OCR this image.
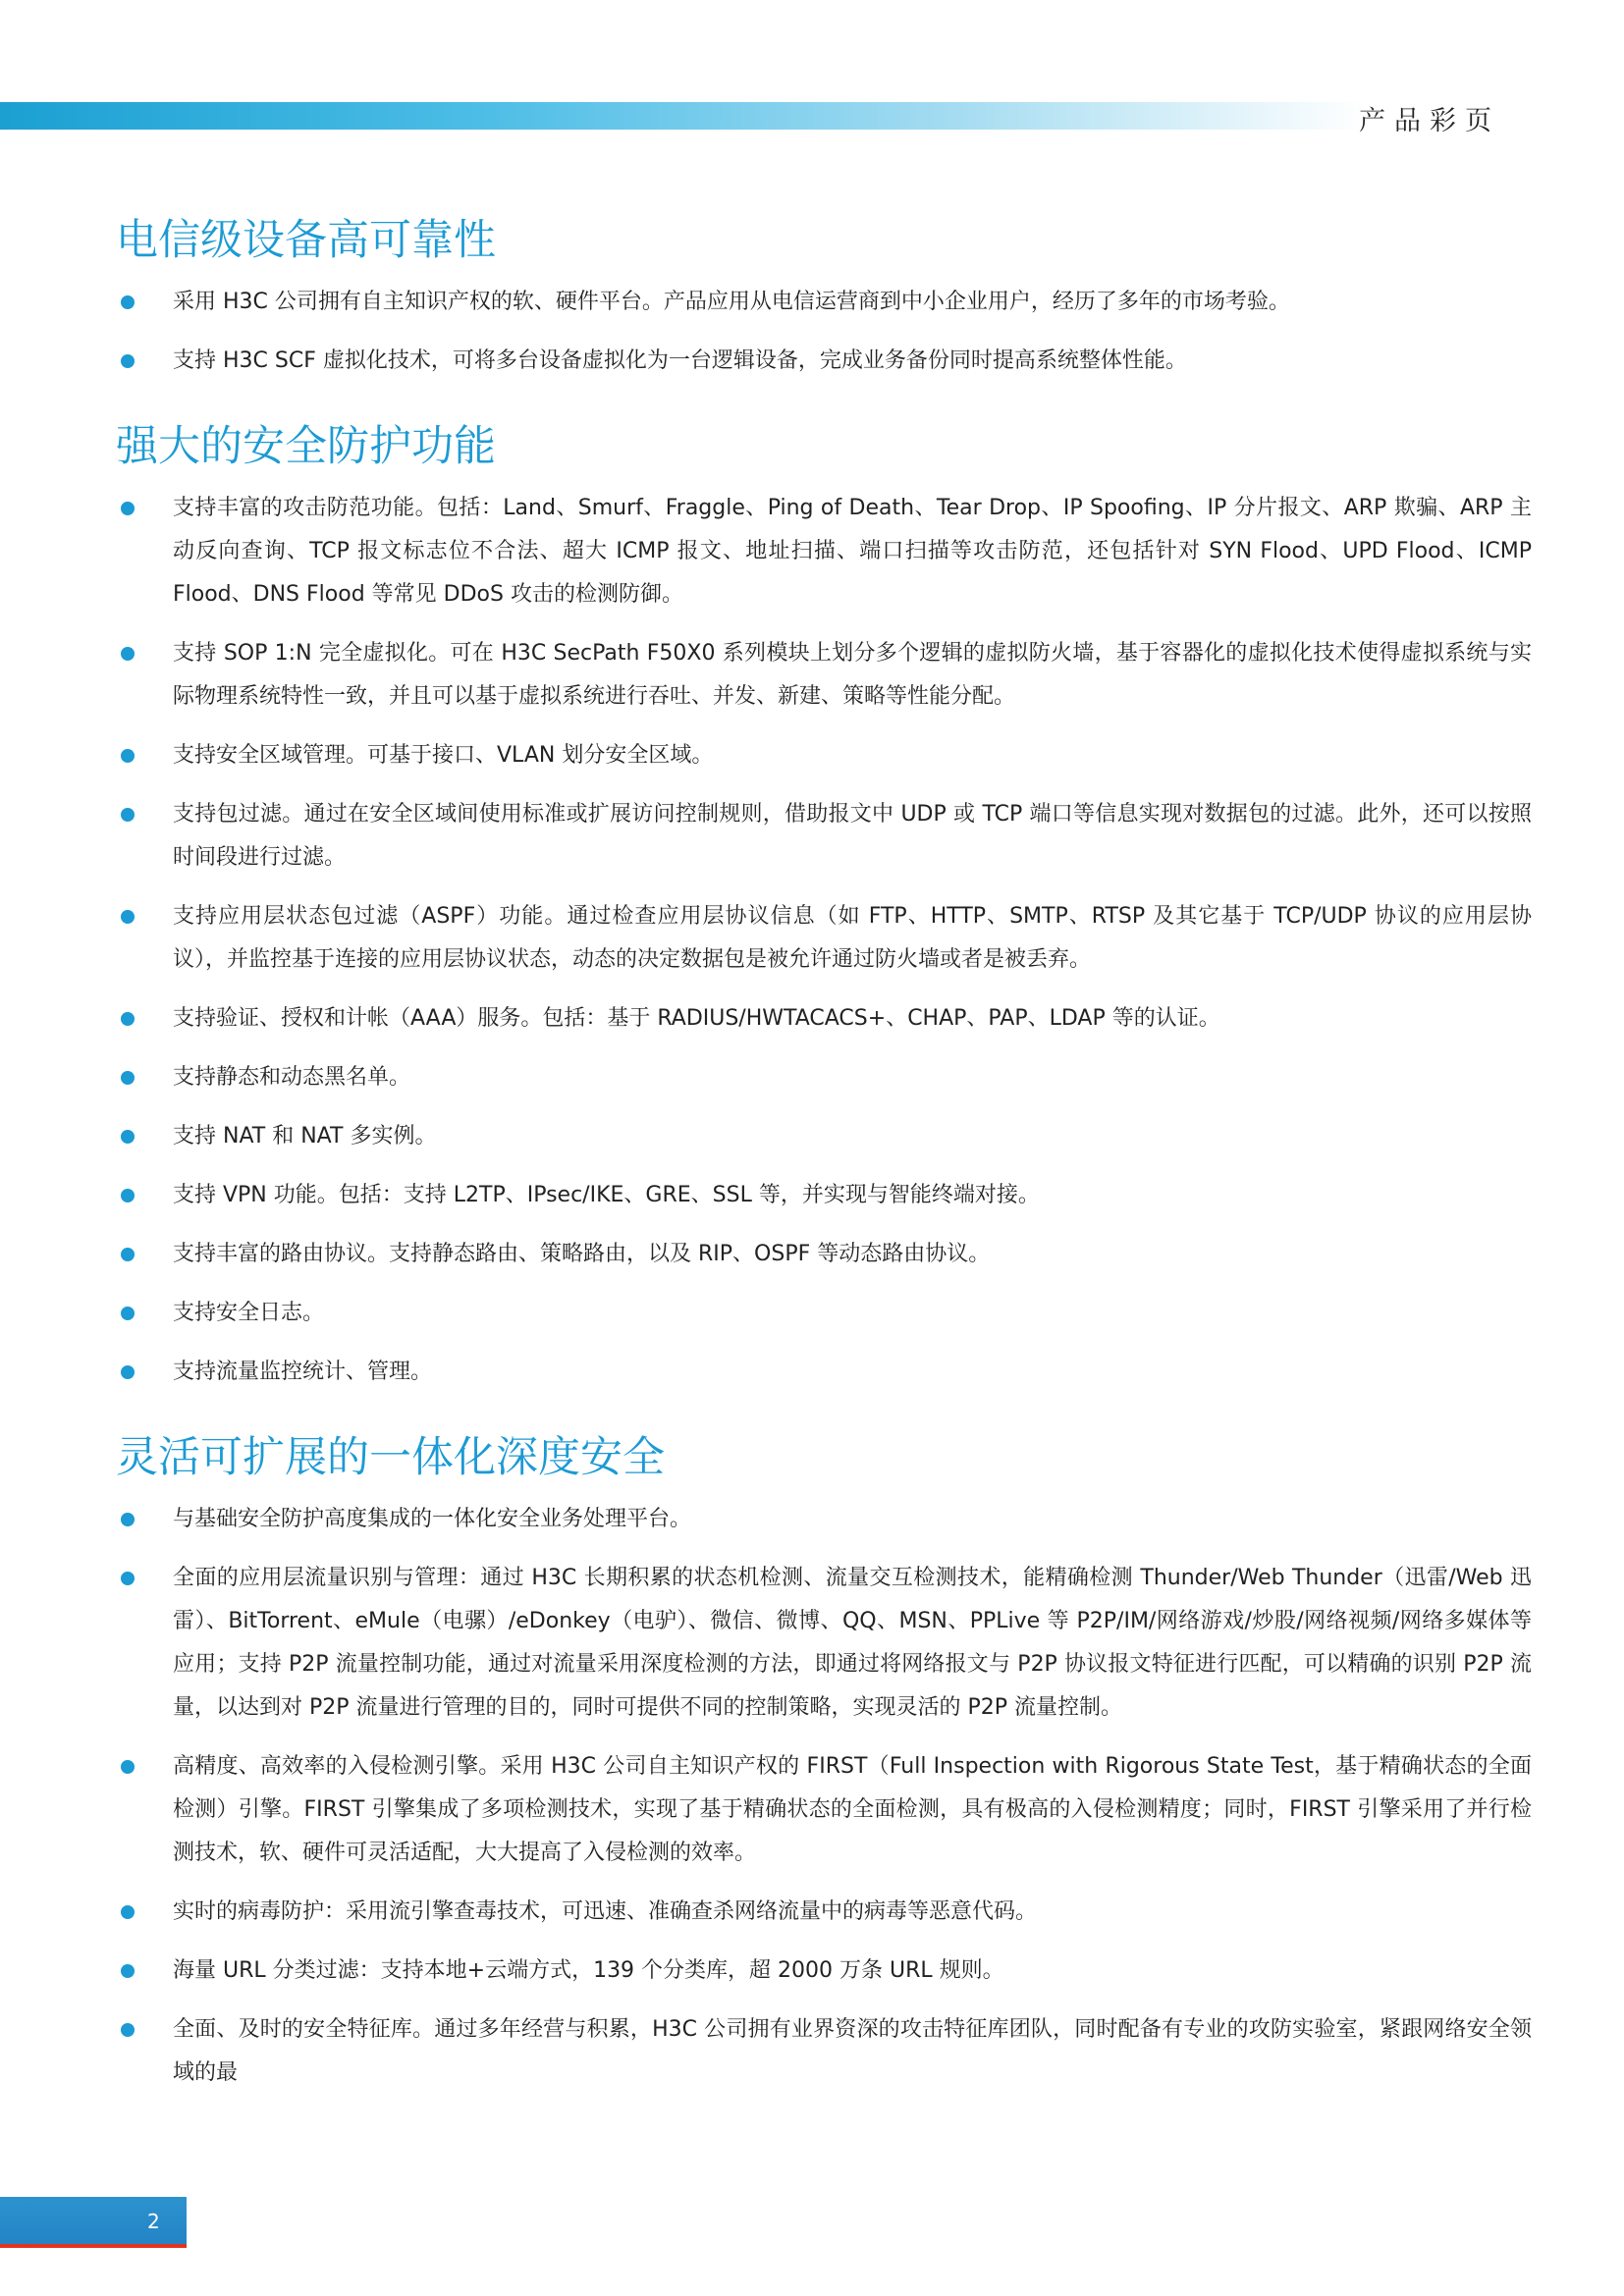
产品彩页
电信级设备高可靠性
采用 H3C 公司拥有自主知识产权的软、硬件平台。产品应用从电信运营商到中小企业用户，经历了多年的市场考验。
支持 H3C SCF 虚拟化技术，可将多台设备虚拟化为一台逻辑设备，完成业务备份同时提高系统整体性能。
强大的安全防护功能
支持丰富的攻击防范功能。包括：Land、Smurf、Fraggle、Ping of Death、Tear Drop、IP Spoofing、IP 分片报文、ARP 欺骗、ARP 主动反向查询、TCP 报文标志位不合法、超大 ICMP 报文、地址扫描、端口扫描等攻击防范，还包括针对 SYN Flood、UPD Flood、ICMP Flood、DNS Flood 等常见 DDoS 攻击的检测防御。
支持 SOP 1:N 完全虚拟化。可在 H3C SecPath F50X0 系列模块上划分多个逻辑的虚拟防火墙，基于容器化的虚拟化技术使得虚拟系统与实际物理系统特性一致，并且可以基于虚拟系统进行吞吐、并发、新建、策略等性能分配。
支持安全区域管理。可基于接口、VLAN 划分安全区域。
支持包过滤。通过在安全区域间使用标准或扩展访问控制规则，借助报文中 UDP 或 TCP 端口等信息实现对数据包的过滤。此外，还可以按照时间段进行过滤。
支持应用层状态包过滤（ASPF）功能。通过检查应用层协议信息（如 FTP、HTTP、SMTP、RTSP 及其它基于 TCP/UDP 协议的应用层协议），并监控基于连接的应用层协议状态，动态的决定数据包是被允许通过防火墙或者是被丢弃。
支持验证、授权和计帐（AAA）服务。包括：基于 RADIUS/HWTACACS+、CHAP、PAP、LDAP 等的认证。
支持静态和动态黑名单。
支持 NAT 和 NAT 多实例。
支持 VPN 功能。包括：支持 L2TP、IPsec/IKE、GRE、SSL 等，并实现与智能终端对接。
支持丰富的路由协议。支持静态路由、策略路由，以及 RIP、OSPF 等动态路由协议。
支持安全日志。
支持流量监控统计、管理。
灵活可扩展的一体化深度安全
与基础安全防护高度集成的一体化安全业务处理平台。
全面的应用层流量识别与管理：通过 H3C 长期积累的状态机检测、流量交互检测技术，能精确检测 Thunder/Web Thunder（迅雷/Web 迅雷）、BitTorrent、eMule（电骡）/eDonkey（电驴）、微信、微博、QQ、MSN、PPLive 等 P2P/IM/网络游戏/炒股/网络视频/网络多媒体等应用；支持 P2P 流量控制功能，通过对流量采用深度检测的方法，即通过将网络报文与 P2P 协议报文特征进行匹配，可以精确的识别 P2P 流量，以达到对 P2P 流量进行管理的目的，同时可提供不同的控制策略，实现灵活的 P2P 流量控制。
高精度、高效率的入侵检测引擎。采用 H3C 公司自主知识产权的 FIRST（Full Inspection with Rigorous State Test，基于精确状态的全面检测）引擎。FIRST 引擎集成了多项检测技术，实现了基于精确状态的全面检测，具有极高的入侵检测精度；同时，FIRST 引擎采用了并行检测技术，软、硬件可灵活适配，大大提高了入侵检测的效率。
实时的病毒防护：采用流引擎查毒技术，可迅速、准确查杀网络流量中的病毒等恶意代码。
海量 URL 分类过滤：支持本地+云端方式，139 个分类库，超 2000 万条 URL 规则。
全面、及时的安全特征库。通过多年经营与积累，H3C 公司拥有业界资深的攻击特征库团队，同时配备有专业的攻防实验室，紧跟网络安全领域的最
2
